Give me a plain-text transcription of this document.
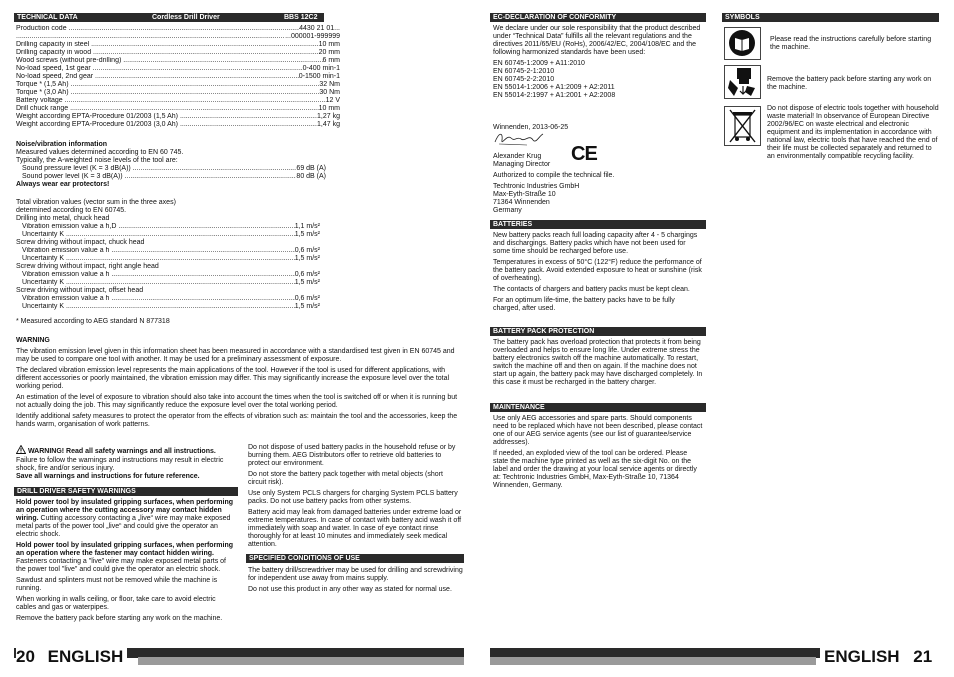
TECHNICAL DATA	Cordless Drill Driver	BBS 12C2
Production code .....	4430 21 01...
.....
...000001-999999
Drilling capacity in steel .....	10 mm
Drilling capacity in wood .....	20 mm
Wood screws (without pre-drilling) .....	6 mm
No-load speed, 1st gear .....	0-400 min-1
No-load speed, 2nd gear .....	0-1500 min-1
Torque * (1,5 Ah) .....	32 Nm
Torque * (3,0 Ah) .....	30 Nm
Battery voltage .....	12 V
Drill chuck range .....	10 mm
Weight according EPTA-Procedure 01/2003 (1,5 Ah) .....	1,27 kg
Weight according EPTA-Procedure 01/2003 (3,0 Ah) .....	1,47 kg
Noise/vibration information
Measured values determined according to EN 60 745.
Typically, the A-weighted noise levels of the tool are:
Sound pressure level (K = 3 dB(A)) .....	69 dB (A)
Sound power level (K = 3 dB(A)) .....	80 dB (A)
Always wear ear protectors!
Total vibration values (vector sum in the three axes)
determined according to EN 60745.
Drilling into metal, chuck head
Vibration emission value a h,D .....	1,1 m/s²
Uncertainty K .....	1,5 m/s²
Screw driving without impact, chuck head
Vibration emission value a h .....	0,6 m/s²
Uncertainty K .....	1,5 m/s²
Screw driving without impact, right angle head
Vibration emission value a h .....	0,6 m/s²
Uncertainty K .....	1,5 m/s²
Screw driving without impact, offset head
Vibration emission value a h .....	0,6 m/s²
Uncertainty K .....	1,5 m/s²
* Measured according to AEG standard N 877318
WARNING

The vibration emission level given in this information sheet has been measured in accordance with a standardised test given in EN 60745 and may be used to compare one tool with another. It may be used for a preliminary assessment of exposure.

The declared vibration emission level represents the main applications of the tool. However if the tool is used for different applications, with different accessories or poorly maintained, the vibration emission may differ. This may significantly increase the exposure level over the total working period.

An estimation of the level of exposure to vibration should also take into account the times when the tool is switched off or when it is running but not actually doing the job. This may significantly reduce the exposure level over the total working period.

Identify additional safety measures to protect the operator from the effects of vibration such as: maintain the tool and the accessories, keep the hands warm, organisation of work patterns.

WARNING! Read all safety warnings and all instructions. Failure to follow the warnings and instructions may result in electric shock, fire and/or serious injury.

Save all warnings and instructions for future reference.
DRILL DRIVER SAFETY WARNINGS

Hold power tool by insulated gripping surfaces, when performing an operation where the cutting accessory may contact hidden wiring. Cutting accessory contacting a „live“ wire may make exposed metal parts of the power tool „live“ and could give the operator an electric shock.

Hold power tool by insulated gripping surfaces, when performing an operation where the fastener may contact hidden wiring. Fasteners contacting a "live" wire may make exposed metal parts of the power tool "live" and could give the operator an electric shock.

Sawdust and splinters must not be removed while the machine is running.

When working in walls ceiling, or floor, take care to avoid electric cables and gas or waterpipes.

Remove the battery pack before starting any work on the machine.

Do not dispose of used battery packs in the household refuse or by burning them. AEG Distributors offer to retrieve old batteries to protect our environment.

Do not store the battery pack together with metal objects (short circuit risk).

Use only System PCLS chargers for charging System PCLS battery packs. Do not use battery packs from other systems.

Battery acid may leak from damaged batteries under extreme load or extreme temperatures. In case of contact with battery acid wash it off immediately with soap and water. In case of eye contact rinse thoroughly for at least 10 minutes and immediately seek medical attention.

SPECIFIED CONDITIONS OF USE

The battery drill/screwdriver may be used for drilling and screwdriving for independent use away from mains supply.

Do not use this product in any other way as stated for normal use.

20 ENGLISH
EC-DECLARATION OF CONFORMITY

We declare under our sole responsibility that the product described under “Technical Data” fulfills all the relevant regulations and the directives 2011/65/EU (RoHs), 2006/42/EC, 2004/108/EC and the following harmonized standards have been used:

EN 60745-1:2009 + A11:2010
EN 60745-2-1:2010
EN 60745-2-2:2010
EN 55014-1:2006 + A1:2009 + A2:2011
EN 55014-2:1997 + A1:2001 + A2:2008
Winnenden, 2013-06-25
CE
Alexander Krug
Managing Director
Authorized to compile the technical file.
Techtronic Industries GmbH
Max-Eyth-Straße 10
71364 Winnenden
Germany
BATTERIES

New battery packs reach full loading capacity after 4 - 5 chargings and dischargings. Battery packs which have not been used for some time should be recharged before use.

Temperatures in excess of 50°C (122°F) reduce the performance of the battery pack. Avoid extended exposure to heat or sunshine (risk of overheating).

The contacts of chargers and battery packs must be kept clean.

For an optimum life-time, the battery packs have to be fully charged, after used.

BATTERY PACK PROTECTION

The battery pack has overload protection that protects it from being overloaded and helps to ensure long life. Under extreme stress the battery electronics switch off the machine automatically. To restart, switch the machine off and then on again. If the machine does not start up again, the battery pack may have discharged completely. In this case it must be recharged in the battery charger.

MAINTENANCE

Use only AEG accessories and spare parts. Should components need to be replaced which have not been described, please contact one of our AEG service agents (see our list of guarantee/service addresses).

If needed, an exploded view of the tool can be ordered. Please state the machine type printed as well as the six-digit No. on the label and order the drawing at your local service agents or directly at: Techtronic Industries GmbH, Max-Eyth-Straße 10, 71364 Winnenden, Germany.

SYMBOLS
Please read the instructions carefully before starting the machine.
Remove the battery pack before starting any work on the machine.
Do not dispose of electric tools together with household waste material! In observance of European Directive 2002/96/EC on waste electrical and electronic equipment and its implementation in accordance with national law, electric tools that have reached the end of their life must be collected separately and returned to an environmentally compatible recycling facility.
ENGLISH 21
